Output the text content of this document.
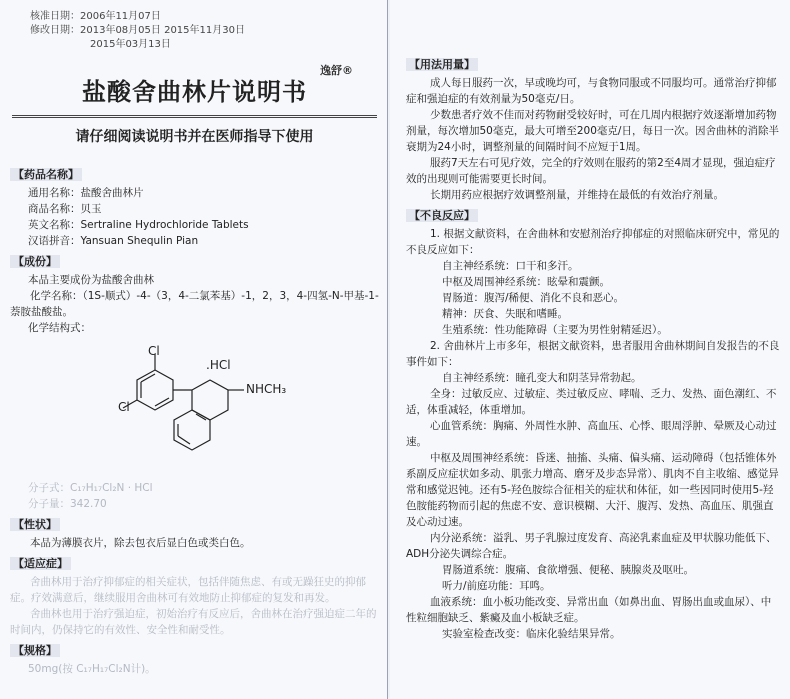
核准日期：2006年11月07日
修改日期：2013年08月05日 2015年11月30日
2015年03月13日
逸舒®
盐酸舍曲林片说明书
请仔细阅读说明书并在医师指导下使用
【药品名称】
通用名称：盐酸舍曲林片
商品名称：贝玉
英文名称：Sertraline Hydrochloride Tablets
汉语拼音：Yansuan Shequlin Pian
【成份】
本品主要成份为盐酸舍曲林

化学名称：（1S-顺式）-4-（3，4-二氯苯基）-1，2，3，4-四氢-N-甲基-1-萘胺盐酸盐。

化学结构式：
Cl
Cl
.HCl
NHCH₃
分子式：C₁₇H₁₇Cl₂N · HCl
分子量：342.70
【性状】

本品为薄膜衣片，除去包衣后显白色或类白色。

【适应症】

舍曲林用于治疗抑郁症的相关症状，包括伴随焦虑、有或无躁狂史的抑郁症。疗效满意后，继续服用舍曲林可有效地防止抑郁症的复发和再发。

舍曲林也用于治疗强迫症，初始治疗有反应后，舍曲林在治疗强迫症二年的时间内，仍保持它的有效性、安全性和耐受性。

【规格】
50mg(按 C₁₇H₁₇Cl₂N计)。
【用法用量】

成人每日服药一次，早或晚均可，与食物同服或不同服均可。通常治疗抑郁症和强迫症的有效剂量为50毫克/日。

少数患者疗效不佳而对药物耐受较好时，可在几周内根据疗效逐渐增加药物剂量，每次增加50毫克，最大可增至200毫克/日，每日一次。因舍曲林的消除半衰期为24小时，调整剂量的间隔时间不应短于1周。

服药7天左右可见疗效，完全的疗效则在服药的第2至4周才显现，强迫症疗效的出现则可能需要更长时间。

长期用药应根据疗效调整剂量，并维持在最低的有效治疗剂量。

【不良反应】

1. 根据文献资料，在舍曲林和安慰剂治疗抑郁症的对照临床研究中，常见的不良反应如下：

自主神经系统：口干和多汗。
中枢及周围神经系统：眩晕和震颤。
胃肠道：腹泻/稀便、消化不良和恶心。
精神：厌食、失眠和嗜睡。
生殖系统：性功能障碍（主要为男性射精延迟）。

2. 舍曲林片上市多年，根据文献资料，患者服用舍曲林期间自发报告的不良事件如下：

自主神经系统：瞳孔变大和阴茎异常勃起。

全身：过敏反应、过敏症、类过敏反应、哮喘、乏力、发热、面色潮红、不适，体重减轻，体重增加。

心血管系统：胸痛、外周性水肿、高血压、心悸、眼周浮肿、晕厥及心动过速。

中枢及周围神经系统：昏迷、抽搐、头痛、偏头痛、运动障碍（包括锥体外系副反应症状如多动、肌张力增高、磨牙及步态异常）、肌肉不自主收缩、感觉异常和感觉迟钝。还有5-羟色胺综合征相关的症状和体征，如一些因同时使用5-羟色胺能药物而引起的焦虑不安、意识模糊、大汗、腹泻、发热、高血压、肌强直及心动过速。

内分泌系统：溢乳、男子乳腺过度发育、高泌乳素血症及甲状腺功能低下、ADH分泌失调综合症。

胃肠道系统：腹痛、食欲增强、便秘、胰腺炎及呕吐。
听力/前庭功能：耳鸣。

血液系统：血小板功能改变、异常出血（如鼻出血、胃肠出血或血尿）、中性粒细胞缺乏、紫癜及血小板缺乏症。

实验室检查改变：临床化验结果异常。
